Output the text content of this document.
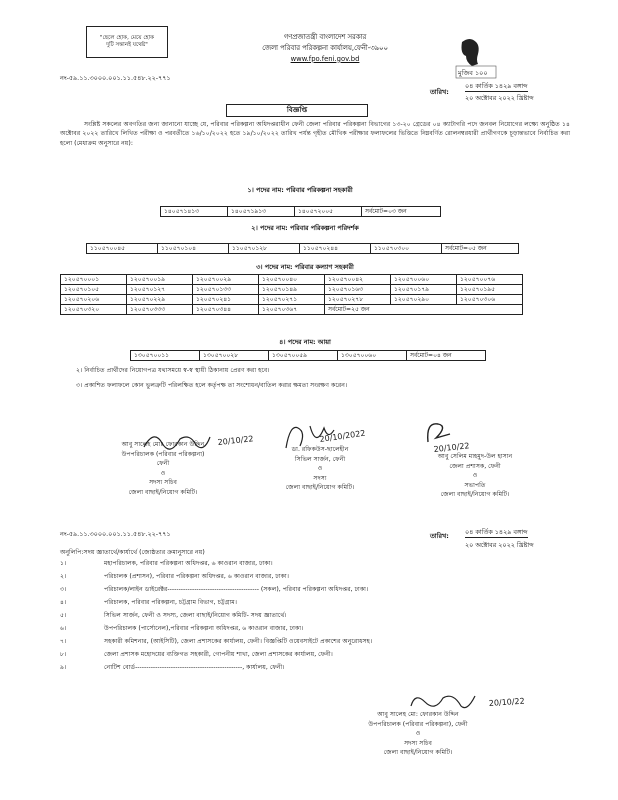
"ছেলে হোক, মেয়ে হোক
দুটি সন্তানই যথেষ্ট"
গণপ্রজাতন্ত্রী বাংলাদেশ সরকার
জেলা পরিবার পরিকল্পনা কার্যালয়,ফেনী-৩৯০০
www.fpo.feni.gov.bd
মুজিব ১০০
নং-৫৯.১১.৩০০০.০০১.১১.৫৪৮.২২-৭৭১
তারিখ:
০৪ কার্তিক ১৪২৯ বঙ্গাব্দ
২০ অক্টোবর ২০২২ খ্রিষ্টাব্দ
বিজ্ঞপ্তি
সংশ্লিষ্ট সকলের অবগতির জন্য জানানো যাচ্ছে যে, পরিবার পরিকল্পনা অধিদপ্তরাধীন ফেনী জেলা পরিবার পরিকল্পনা বিভাগের ১৩-২০ গ্রেডের ০৪ ক্যাটাগরি পদে জনবল নিয়োগের লক্ষ্যে অনুষ্ঠিত ১৪ অক্টোবর ২০২২ তারিখে লিখিত পরীক্ষা ও পরবর্তীতে ১৬/১০/২০২২ হতে ১৯/১০/২০২২ তারিখ পর্যন্ত গৃহীত মৌখিক পরীক্ষার ফলাফলের ভিত্তিতে নিম্নবর্ণিত রোলনম্বরধারী প্রার্থীগণকে চূড়ান্তভাবে নির্বাচিত করা হলো (মেধাক্রম অনুসারে নয়):
১। পদের নাম: পরিবার পরিকল্পনা সহকারী
১৪০৫৭১৪১৩	১৪০৫৭১৯১৩	১৪০৫৭২০০৫	সর্বমোট=০৩ জন
২। পদের নাম: পরিবার পরিকল্পনা পরিদর্শক
১১০৫৭০০৪৫	১১০৫৭০১০৪	১১০৫৭০১২৮	১১০৫৭০২৪৪	১১০৫৭০৩০০	সর্বমোট=০৫ জন
৩। পদের নাম: পরিবার কল্যাণ সহকারী
১২০৫৭০০০১	১২০৫৭০০১৯	১২০৫৭০০২৯	১২০৫৭০০৪০	১২০৫৭০০৪২	১২০৫৭০০৬০	১২০৫৭০০৭৬
১২০৫৭০১০৫	১২০৫৭০১২৭	১২০৫৭০১৩৩	১২০৫৭০১৪৯	১২০৫৭০১৬৩	১২০৫৭০১৭৯	১২০৫৭০১৯৫
১২০৫৭০২০৬	১২০৫৭০২২৯	১২০৫৭০২৪১	১২০৫৭০২৭১	১২০৫৭০২৭৮	১২০৫৭০২৯০	১২০৫৭০৩০৬
১২০৫৭০৩২০	১২০৫৭০৩৩৩	১২০৫৭০৩৪৪	১২০৫৭০৩৬৭	সর্বমোট=২৫ জন		
৪। পদের নাম: আয়া
১৩০৫৭০০১১	১৩০৫৭০০২৮	১৩০৫৭০০৫৯	১৩০৫৭০০৬০	সর্বমোট=০৪ জন
২। নির্বাচিত প্রার্থীদের নিয়োগপত্র যথাসময়ে স্ব-স্ব স্থায়ী ঠিকানায় প্রেরণ করা হবে।
৩। প্রকাশিত ফলাফলে কোন ভুলত্রুটি পরিলক্ষিত হলে কর্তৃপক্ষ তা সংশোধন/বাতিল করার ক্ষমতা সংরক্ষণ করেন।
20/10/22	20/10/2022
20/10/22
আবু সালেহ মোঃ ফোরকান উদ্দিন
উপপরিচালক (পরিবার পরিকল্পনা)
ফেনী
ও
সদস্য সচিব
জেলা বাছাই/নিয়োগ কমিটি।
ডা. রফিকউস-ছালেহীন
সিভিল সার্জন, ফেনী
ও
সদস্য
জেলা বাছাই/নিয়োগ কমিটি।
আবু সেলিম মাহমুদ-উল হাসান
জেলা প্রশাসক, ফেনী
ও
সভাপতি
জেলা বাছাই/নিয়োগ কমিটি।
নং-৫৯.১১.৩০০০.০০১.১১.৫৪৮.২২-৭৭১	তারিখ:	০৪ কার্তিক ১৪২৯ বঙ্গাব্দ
২০ অক্টোবর ২০২২ খ্রিষ্টাব্দ
অনুলিপি:সদয় জ্ঞাতার্থে/কার্যার্থে (জ্যেষ্ঠতার ক্রমানুসারে নয়)
১।	মহাপরিচালক, পরিবার পরিকল্পনা অধিদপ্তর, ৬ কাওরান বাজার, ঢাকা।
২।	পরিচালক (প্রশাসন), পরিবার পরিকল্পনা অধিদপ্তর, ৬ কাওরান বাজার, ঢাকা।
৩।	পরিচালক/লাইন ডাইরেক্টর----------------------------------------- (সকল), পরিবার পরিকল্পনা অধিদপ্তর, ঢাকা।
৪।	পরিচালক, পরিবার পরিকল্পনা, চট্টগ্রাম বিভাগ, চট্টগ্রাম।
৫।	সিভিল সার্জন, ফেনী ও সদস্য, জেলা বাছাই/নিয়োগ কমিটি- সদয় জ্ঞাতার্থে।
৬।	উপপরিচালক (পার্সোনেল),পরিবার পরিকল্পনা অধিদপ্তর, ৬ কাওরান বাজার, ঢাকা।
৭।	সহকারী কমিশনার, (আইসিটি), জেলা প্রশাসকের কার্যালয়, ফেনী। বিজ্ঞপ্তিটি ওয়েবসাইটে প্রকাশের অনুরোধসহ।
৮।	জেলা প্রশাসক মহোদয়ের ব্যক্তিগত সহকারী, গোপনীয় শাখা, জেলা প্রশাসকের কার্যালয়, ফেনী।
৯।	নোটিশ বোর্ড------------------------------------------------, কার্যালয়, ফেনী।
20/10/22
আবু সালেহ মো: ফোরকান উদ্দিন
উপপরিচালক (পরিবার পরিকল্পনা), ফেনী
ও
সদস্য সচিব
জেলা বাছাই/নিয়োগ কমিটি।
